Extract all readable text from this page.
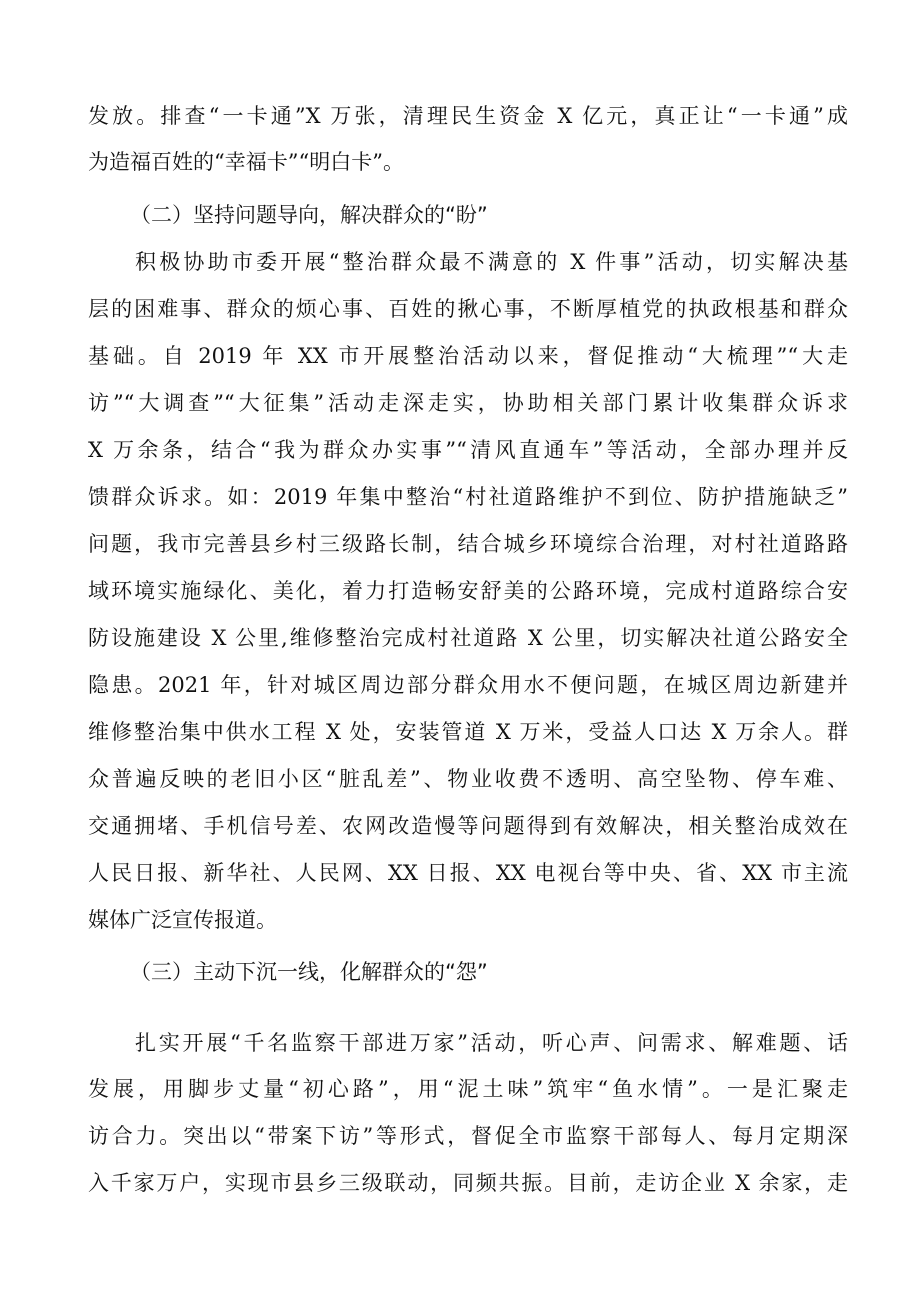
发放。排查“一卡通”X 万张，清理民生资金 X 亿元，真正让“一卡通”成
为造福百姓的“幸福卡”“明白卡”。
（二）坚持问题导向，解决群众的“盼”
积极协助市委开展“整治群众最不满意的 X 件事”活动，切实解决基
层的困难事、群众的烦心事、百姓的揪心事，不断厚植党的执政根基和群众
基础。自 2019 年 XX 市开展整治活动以来，督促推动“大梳理”“大走
访”“大调查”“大征集”活动走深走实，协助相关部门累计收集群众诉求
X 万余条，结合“我为群众办实事”“清风直通车”等活动，全部办理并反
馈群众诉求。如：2019 年集中整治“村社道路维护不到位、防护措施缺乏”
问题，我市完善县乡村三级路长制，结合城乡环境综合治理，对村社道路路
域环境实施绿化、美化，着力打造畅安舒美的公路环境，完成村道路综合安
防设施建设 X 公里,维修整治完成村社道路 X 公里，切实解决社道公路安全
隐患。2021 年，针对城区周边部分群众用水不便问题，在城区周边新建并
维修整治集中供水工程 X 处，安装管道 X 万米，受益人口达 X 万余人。群
众普遍反映的老旧小区“脏乱差”、物业收费不透明、高空坠物、停车难、
交通拥堵、手机信号差、农网改造慢等问题得到有效解决，相关整治成效在
人民日报、新华社、人民网、XX 日报、XX 电视台等中央、省、XX 市主流
媒体广泛宣传报道。
（三）主动下沉一线，化解群众的“怨”
扎实开展“千名监察干部进万家”活动，听心声、问需求、解难题、话
发展，用脚步丈量“初心路”，用“泥土味”筑牢“鱼水情”。一是汇聚走
访合力。突出以“带案下访”等形式，督促全市监察干部每人、每月定期深
入千家万户，实现市县乡三级联动，同频共振。目前，走访企业 X 余家，走
